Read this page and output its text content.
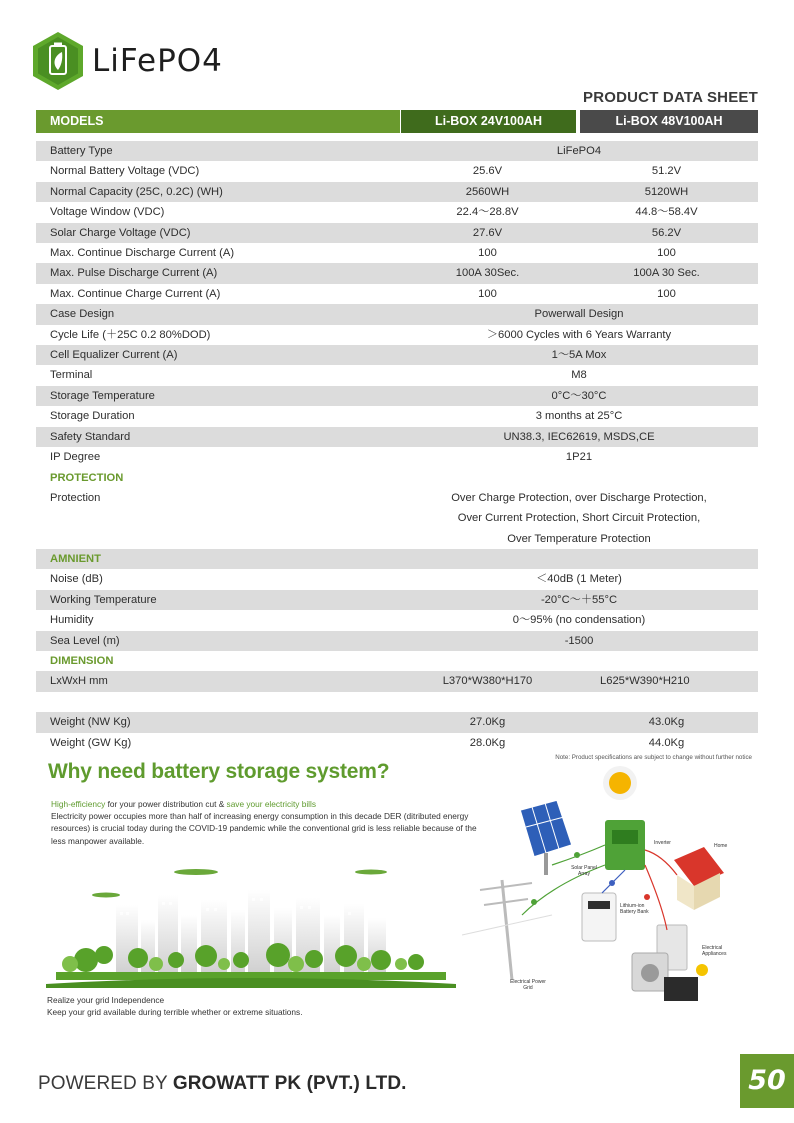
LiFePO4
PRODUCT DATA SHEET
MODELS	Li-BOX 24V100AH	Li-BOX 48V100AH
Battery Type	LiFePO4
Normal Battery Voltage (VDC)	25.6V	51.2V
Normal Capacity (25C, 0.2C) (WH)	2560WH	5120WH
Voltage Window (VDC)	22.4～28.8V	44.8～58.4V
Solar Charge Voltage (VDC)	27.6V	56.2V
Max. Continue Discharge Current (A)	100	100
Max. Pulse Discharge Current (A)	100A 30Sec.	100A 30 Sec.
Max. Continue Charge Current (A)	100	100
Case Design	Powerwall Design
Cycle Life (＋25C 0.2 80%DOD)	＞6000 Cycles with 6 Years Warranty
Cell Equalizer Current (A)	1～5A Mox
Terminal	M8
Storage Temperature	0°C～30°C
Storage Duration	3 months at 25°C
Safety Standard	UN38.3, IEC62619, MSDS,CE
IP Degree	1P21
PROTECTION
Protection	Over Charge Protection, over Discharge Protection,
Over Current Protection, Short Circuit Protection,
Over Temperature Protection
AMNIENT
Noise (dB)	＜40dB (1 Meter)
Working Temperature	-20°C～＋55°C
Humidity	0～95% (no condensation)
Sea Level (m)	-1500
DIMENSION
LxWxH mm	L370*W380*H170	L625*W390*H210
Weight (NW Kg)	27.0Kg	43.0Kg
Weight (GW Kg)	28.0Kg	44.0Kg
Note: Product specifications are subject to change without further notice
Why need battery storage system?
High-efficiency for your power distribution cut & save your electricity bills
Electricity power occupies more than half of increasing energy consumption in this decade DER (ditributed energy resources) is crucial today during the COVID-19 pandemic while the conventional grid is less reliable because of the less manpower available.
Realize your grid Independence
Keep your grid available during terrible whether or extreme situations.
Inverter	Home
Solar Panel Array
Lithium-ion Battery Bank
Electrical Power Grid
Electrical Appliances
POWERED BY GROWATT PK (PVT.) LTD.	50
